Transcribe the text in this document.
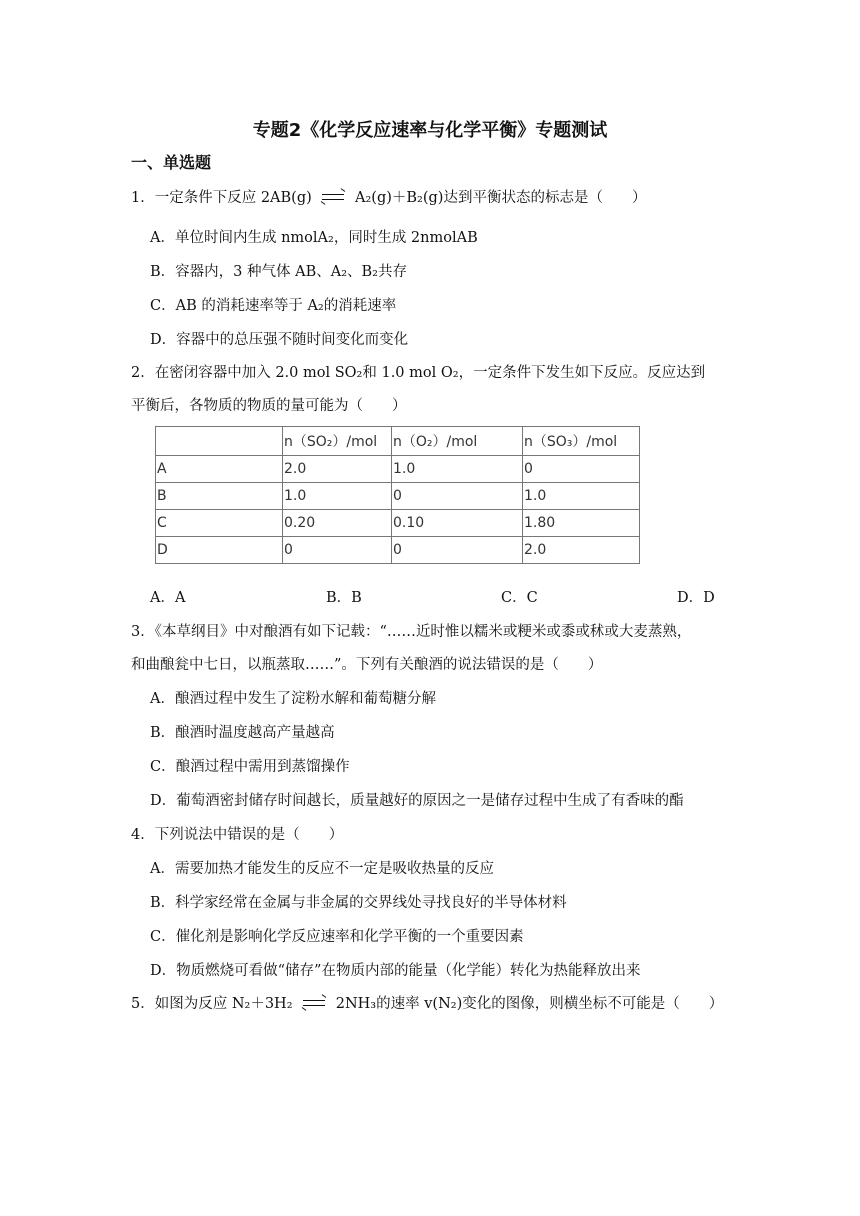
专题2《化学反应速率与化学平衡》专题测试
一、单选题
1．一定条件下反应 2AB(g)	A₂(g)＋B₂(g)达到平衡状态的标志是（　　）
A．单位时间内生成 nmolA₂，同时生成 2nmolAB
B．容器内，3 种气体 AB、A₂、B₂共存
C．AB 的消耗速率等于 A₂的消耗速率
D．容器中的总压强不随时间变化而变化
2．在密闭容器中加入 2.0 mol SO₂和 1.0 mol O₂，一定条件下发生如下反应。反应达到
平衡后，各物质的物质的量可能为（　　）
	n（SO₂）/mol	n（O₂）/mol	n（SO₃）/mol
A	2.0	1.0	0
B	1.0	0	1.0
C	0.20	0.10	1.80
D	0	0	2.0
A．A	B．B	C．C	D．D
3．《本草纲目》中对酿酒有如下记载：“……近时惟以糯米或粳米或黍或秫或大麦蒸熟，
和曲酿瓮中七日，以瓶蒸取……”。下列有关酿酒的说法错误的是（　　）
A．酿酒过程中发生了淀粉水解和葡萄糖分解
B．酿酒时温度越高产量越高
C．酿酒过程中需用到蒸馏操作
D．葡萄酒密封储存时间越长，质量越好的原因之一是储存过程中生成了有香味的酯
4．下列说法中错误的是（　　）
A．需要加热才能发生的反应不一定是吸收热量的反应
B．科学家经常在金属与非金属的交界线处寻找良好的半导体材料
C．催化剂是影响化学反应速率和化学平衡的一个重要因素
D．物质燃烧可看做“储存”在物质内部的能量（化学能）转化为热能释放出来
5．如图为反应 N₂＋3H₂	2NH₃的速率 v(N₂)变化的图像，则横坐标不可能是（　　）
